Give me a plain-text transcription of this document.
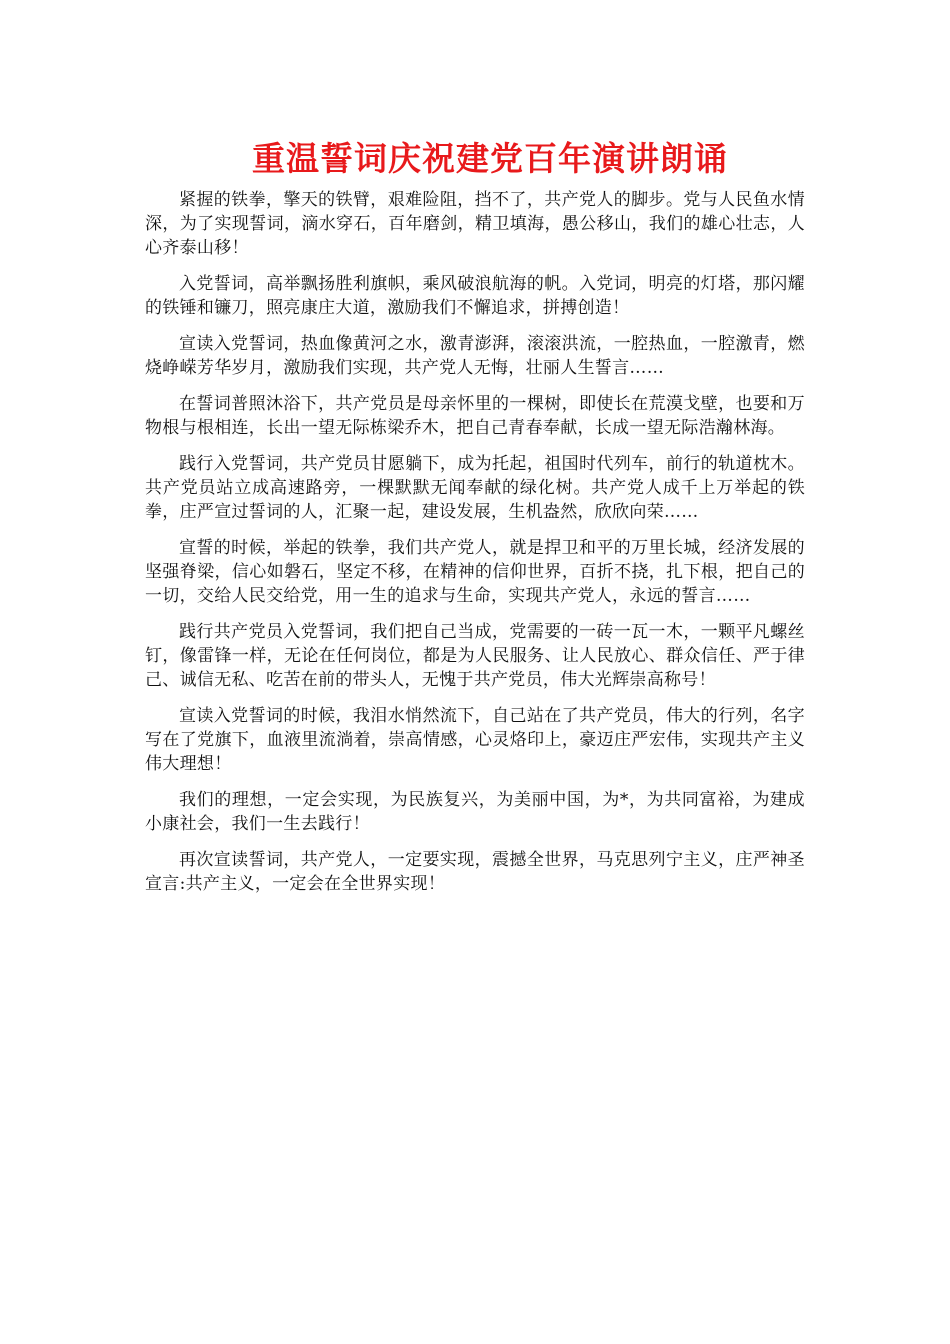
重温誓词庆祝建党百年演讲朗诵

紧握的铁拳，擎天的铁臂，艰难险阻，挡不了，共产党人的脚步。党与人民鱼水情深，为了实现誓词，滴水穿石，百年磨剑，精卫填海，愚公移山，我们的雄心壮志，人心齐泰山移！

入党誓词，高举飘扬胜利旗帜，乘风破浪航海的帆。入党词，明亮的灯塔，那闪耀的铁锤和镰刀，照亮康庄大道，激励我们不懈追求，拼搏创造！

宣读入党誓词，热血像黄河之水，激青澎湃，滚滚洪流，一腔热血，一腔激青，燃烧峥嵘芳华岁月，激励我们实现，共产党人无悔，壮丽人生誓言……

在誓词普照沐浴下，共产党员是母亲怀里的一棵树，即使长在荒漠戈壁，也要和万物根与根相连，长出一望无际栋梁乔木，把自己青春奉献，长成一望无际浩瀚林海。

践行入党誓词，共产党员甘愿躺下，成为托起，祖国时代列车，前行的轨道枕木。共产党员站立成高速路旁，一棵默默无闻奉献的绿化树。共产党人成千上万举起的铁拳，庄严宣过誓词的人，汇聚一起，建设发展，生机盎然，欣欣向荣……

宣誓的时候，举起的铁拳，我们共产党人，就是捍卫和平的万里长城，经济发展的坚强脊梁，信心如磐石，坚定不移，在精神的信仰世界，百折不挠，扎下根，把自己的一切，交给人民交给党，用一生的追求与生命，实现共产党人，永远的誓言……

践行共产党员入党誓词，我们把自己当成，党需要的一砖一瓦一木，一颗平凡螺丝钉，像雷锋一样，无论在任何岗位，都是为人民服务、让人民放心、群众信任、严于律己、诚信无私、吃苦在前的带头人，无愧于共产党员，伟大光辉崇高称号！

宣读入党誓词的时候，我泪水悄然流下，自己站在了共产党员，伟大的行列，名字写在了党旗下，血液里流淌着，崇高情感，心灵烙印上，豪迈庄严宏伟，实现共产主义伟大理想！

我们的理想，一定会实现，为民族复兴，为美丽中国，为*，为共同富裕，为建成小康社会，我们一生去践行！

再次宣读誓词，共产党人，一定要实现，震撼全世界，马克思列宁主义，庄严神圣宣言:共产主义，一定会在全世界实现！
